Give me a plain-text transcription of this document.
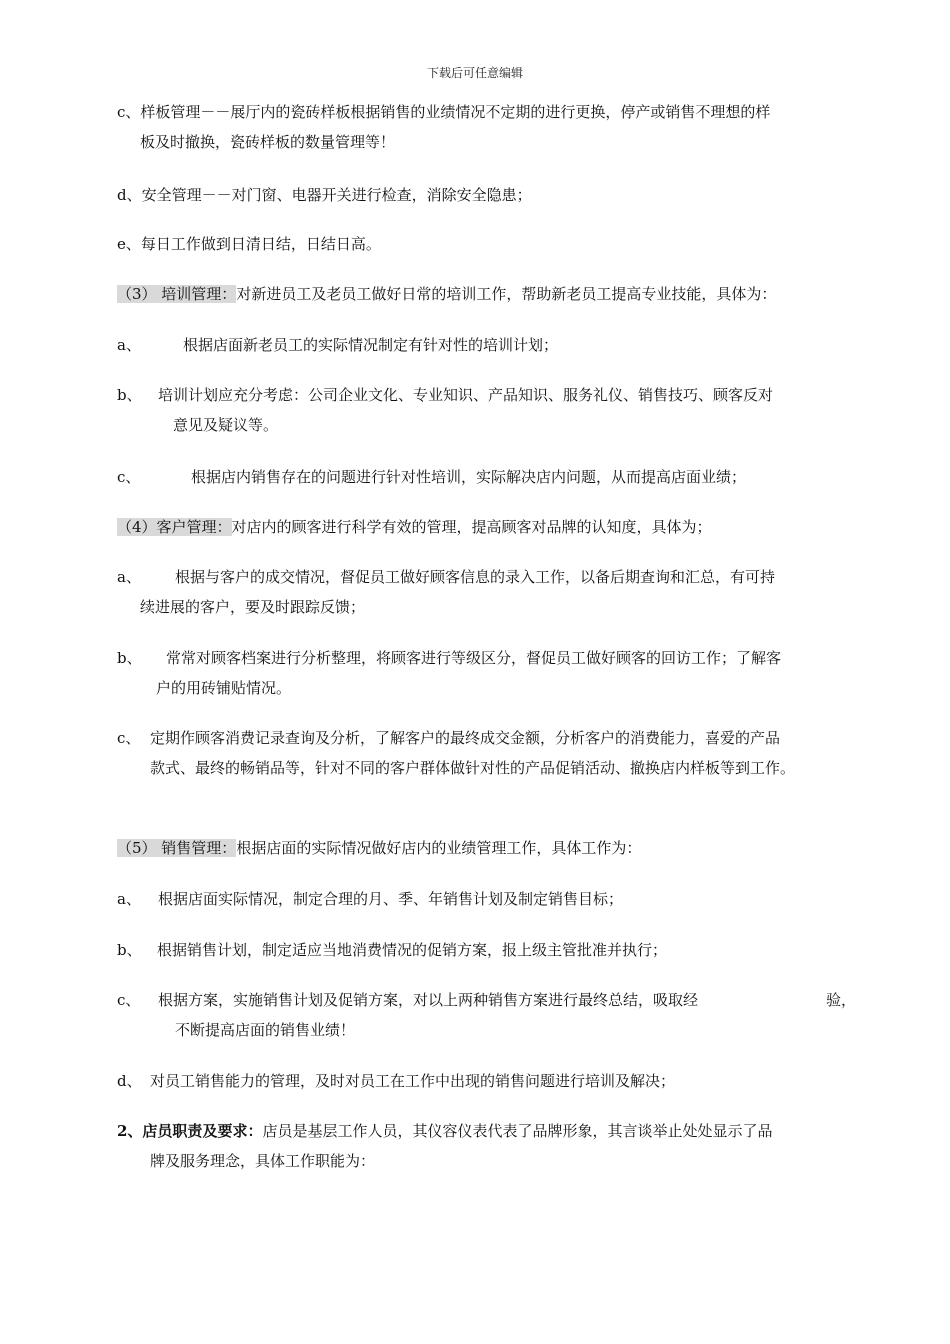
下载后可任意编辑
c、样板管理－－展厅内的瓷砖样板根据销售的业绩情况不定期的进行更换，停产或销售不理想的样
板及时撤换，瓷砖样板的数量管理等！
d、安全管理－－对门窗、电器开关进行检查，消除安全隐患；
e、每日工作做到日清日结，日结日高。
（3） 培训管理：对新进员工及老员工做好日常的培训工作，帮助新老员工提高专业技能，具体为：
a、	根据店面新老员工的实际情况制定有针对性的培训计划；
b、 培训计划应充分考虑：公司企业文化、专业知识、产品知识、服务礼仪、销售技巧、顾客反对
意见及疑议等。
c、	根据店内销售存在的问题进行针对性培训，实际解决店内问题，从而提高店面业绩；
（4）客户管理：对店内的顾客进行科学有效的管理，提高顾客对品牌的认知度，具体为；
a、 根据与客户的成交情况，督促员工做好顾客信息的录入工作，以备后期查询和汇总，有可持
续进展的客户，要及时跟踪反馈；
b、 常常对顾客档案进行分析整理，将顾客进行等级区分，督促员工做好顾客的回访工作；了解客
户的用砖铺贴情况。
c、 定期作顾客消费记录查询及分析，了解客户的最终成交金额，分析客户的消费能力，喜爱的产品
款式、最终的畅销品等，针对不同的客户群体做针对性的产品促销活动、撤换店内样板等到工作。
（5） 销售管理：根据店面的实际情况做好店内的业绩管理工作，具体工作为：
a、 根据店面实际情况，制定合理的月、季、年销售计划及制定销售目标；
b、 根据销售计划，制定适应当地消费情况的促销方案，报上级主管批准并执行；
c、 根据方案，实施销售计划及促销方案，对以上两种销售方案进行最终总结，吸取经	验，
不断提高店面的销售业绩！
d、 对员工销售能力的管理，及时对员工在工作中出现的销售问题进行培训及解决；
2、店员职责及要求：店员是基层工作人员，其仪容仪表代表了品牌形象，其言谈举止处处显示了品
牌及服务理念，具体工作职能为：
